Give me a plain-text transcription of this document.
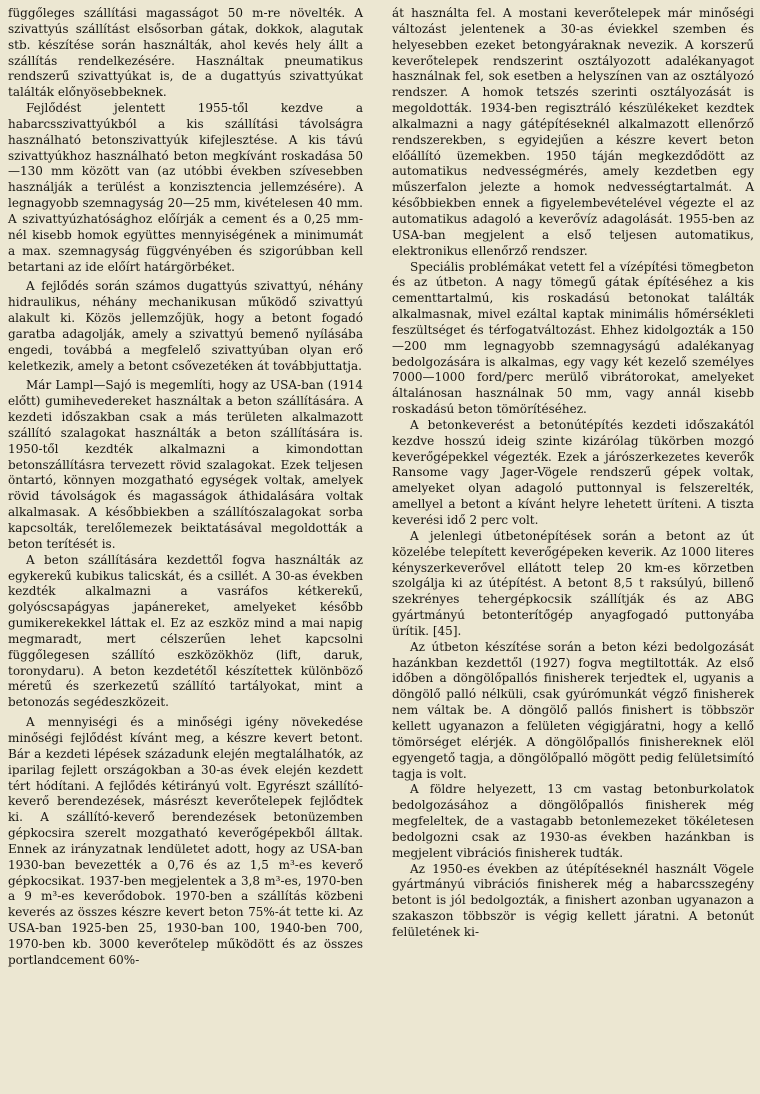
függőleges szállítási magasságot 50 m-re növelték. A szivattyús szállítást elsősorban gátak, dokkok, alagutak stb. készítése során használták, ahol kevés hely állt a szállítás rendelkezésére. Használtak pneumatikus rendszerű szivattyúkat is, de a dugattyús szivattyúkat találták előnyösebbeknek.

Fejlődést jelentett 1955-től kezdve a habarcsszivattyúkból a kis szállítási távolságra használható betonszivattyúk kifejlesztése. A kis távú szivattyúkhoz használható beton megkívánt roskadása 50—130 mm között van (az utóbbi években szívesebben használják a terülést a konzisztencia jellemzésére). A legnagyobb szemnagyság 20—25 mm, kivételesen 40 mm. A szivattyúzhatósághoz előírják a cement és a 0,25 mm-nél kisebb homok együttes mennyiségének a minimumát a max. szemnagyság függvényében és szigorúbban kell betartani az ide előírt határgörbéket.

A fejlődés során számos dugattyús szivattyú, néhány hidraulikus, néhány mechanikusan működő szivattyú alakult ki. Közös jellemzőjük, hogy a betont fogadó garatba adagolják, amely a szivattyú bemenő nyílásába engedi, továbbá a megfelelő szivattyúban olyan erő keletkezik, amely a betont csővezetéken át továbbjuttatja.

Már Lampl—Sajó is megemlíti, hogy az USA-ban (1914 előtt) gumihevedereket használtak a beton szállítására. A kezdeti időszakban csak a más területen alkalmazott szállító szalagokat használták a beton szállítására is. 1950-től kezdték alkalmazni a kimondottan betonszállításra tervezett rövid szalagokat. Ezek teljesen öntartó, könnyen mozgatható egységek voltak, amelyek rövid távolságok és magasságok áthidalására voltak alkalmasak. A későbbiekben a szállítószalagokat sorba kapcsolták, terelőlemezek beiktatásával megoldották a beton terítését is.

A beton szállítására kezdettől fogva használták az egykerekű kubikus talicskát, és a csillét. A 30-as években kezdték alkalmazni a vasráfos kétkerekű, golyóscsapágyas japánereket, amelyeket később gumikerekekkel láttak el. Ez az eszköz mind a mai napig megmaradt, mert célszerűen lehet kapcsolni függőlegesen szállító eszközökhöz (lift, daruk, toronydaru). A beton kezdetétől készítettek különböző méretű és szerkezetű szállító tartályokat, mint a betonozás segédeszközeit.

A mennyiségi és a minőségi igény növekedése minőségi fejlődést kívánt meg, a készre kevert betont. Bár a kezdeti lépések századunk elején megtalálhatók, az iparilag fejlett országokban a 30-as évek elején kezdett tért hódítani. A fejlődés kétirányú volt. Egyrészt szállító-keverő berendezések, másrészt keverőtelepek fejlődtek ki. A szállító-keverő berendezések betonüzemben gépkocsira szerelt mozgatható keverőgépekből álltak. Ennek az irányzatnak lendületet adott, hogy az USA-ban 1930-ban bevezették a 0,76 és az 1,5 m³-es keverő gépkocsikat. 1937-ben megjelentek a 3,8 m³-es, 1970-ben a 9 m³-es keverődobok. 1970-ben a szállítás közbeni keverés az összes készre kevert beton 75%-át tette ki. Az USA-ban 1925-ben 25, 1930-ban 100, 1940-ben 700, 1970-ben kb. 3000 keverőtelep működött és az összes portlandcement 60%-

át használta fel. A mostani keverőtelepek már minőségi változást jelentenek a 30-as éviekkel szemben és helyesebben ezeket betongyáraknak nevezik. A korszerű keverőtelepek rendszerint osztályozott adalékanyagot használnak fel, sok esetben a helyszínen van az osztályozó rendszer. A homok tetszés szerinti osztályozását is megoldották. 1934-ben regisztráló készülékeket kezdtek alkalmazni a nagy gátépítéseknél alkalmazott ellenőrző rendszerekben, s egyidejűen a készre kevert beton előállító üzemekben. 1950 táján megkezdődött az automatikus nedvességmérés, amely kezdetben egy műszerfalon jelezte a homok nedvességtartalmát. A későbbiekben ennek a figyelembevételével végezte el az automatikus adagoló a keverővíz adagolását. 1955-ben az USA-ban megjelent a első teljesen automatikus, elektronikus ellenőrző rendszer.

Speciális problémákat vetett fel a vízépítési tömegbeton és az útbeton. A nagy tömegű gátak építéséhez a kis cementtartalmú, kis roskadású betonokat találták alkalmasnak, mivel ezáltal kaptak minimális hőmérsékleti feszültséget és térfogatváltozást. Ehhez kidolgozták a 150—200 mm legnagyobb szemnagyságú adalékanyag bedolgozására is alkalmas, egy vagy két kezelő személyes 7000—1000 ford/perc merülő vibrátorokat, amelyeket általánosan használnak 50 mm, vagy annál kisebb roskadású beton tömörítéséhez.

A betonkeverést a betonútépítés kezdeti időszakától kezdve hosszú ideig szinte kizárólag tükörben mozgó keverőgépekkel végezték. Ezek a járószerkezetes keverők Ransome vagy Jager-Vögele rendszerű gépek voltak, amelyeket olyan adagoló puttonnyal is felszerelték, amellyel a betont a kívánt helyre lehetett üríteni. A tiszta keverési idő 2 perc volt.

A jelenlegi útbetonépítések során a betont az út közelébe telepített keverőgépeken keverik. Az 1000 literes kényszerkeverővel ellátott telep 20 km-es körzetben szolgálja ki az útépítést. A betont 8,5 t raksúlyú, billenő szekrényes tehergépkocsik szállítják és az ABG gyártmányú betonterítőgép anyagfogadó puttonyába ürítik. [45].

Az útbeton készítése során a beton kézi bedolgozását hazánkban kezdettől (1927) fogva megtiltották. Az első időben a döngölőpallós finisherek terjedtek el, ugyanis a döngölő palló nélküli, csak gyúrómunkát végző finisherek nem váltak be. A döngölő pallós finishert is többször kellett ugyanazon a felületen végigjáratni, hogy a kellő tömörséget elérjék. A döngölőpallós finishereknek elöl egyengető tagja, a döngölőpalló mögött pedig felületsimító tagja is volt.

A földre helyezett, 13 cm vastag betonburkolatok bedolgozásához a döngölőpallós finisherek még megfeleltek, de a vastagabb betonlemezeket tökéletesen bedolgozni csak az 1930-as években hazánkban is megjelent vibrációs finisherek tudták.

Az 1950-es években az útépítéseknél használt Vögele gyártmányú vibrációs finisherek még a habarcsszegény betont is jól bedolgozták, a finishert azonban ugyanazon a szakaszon többször is végig kellett járatni. A betonút felületének ki-
